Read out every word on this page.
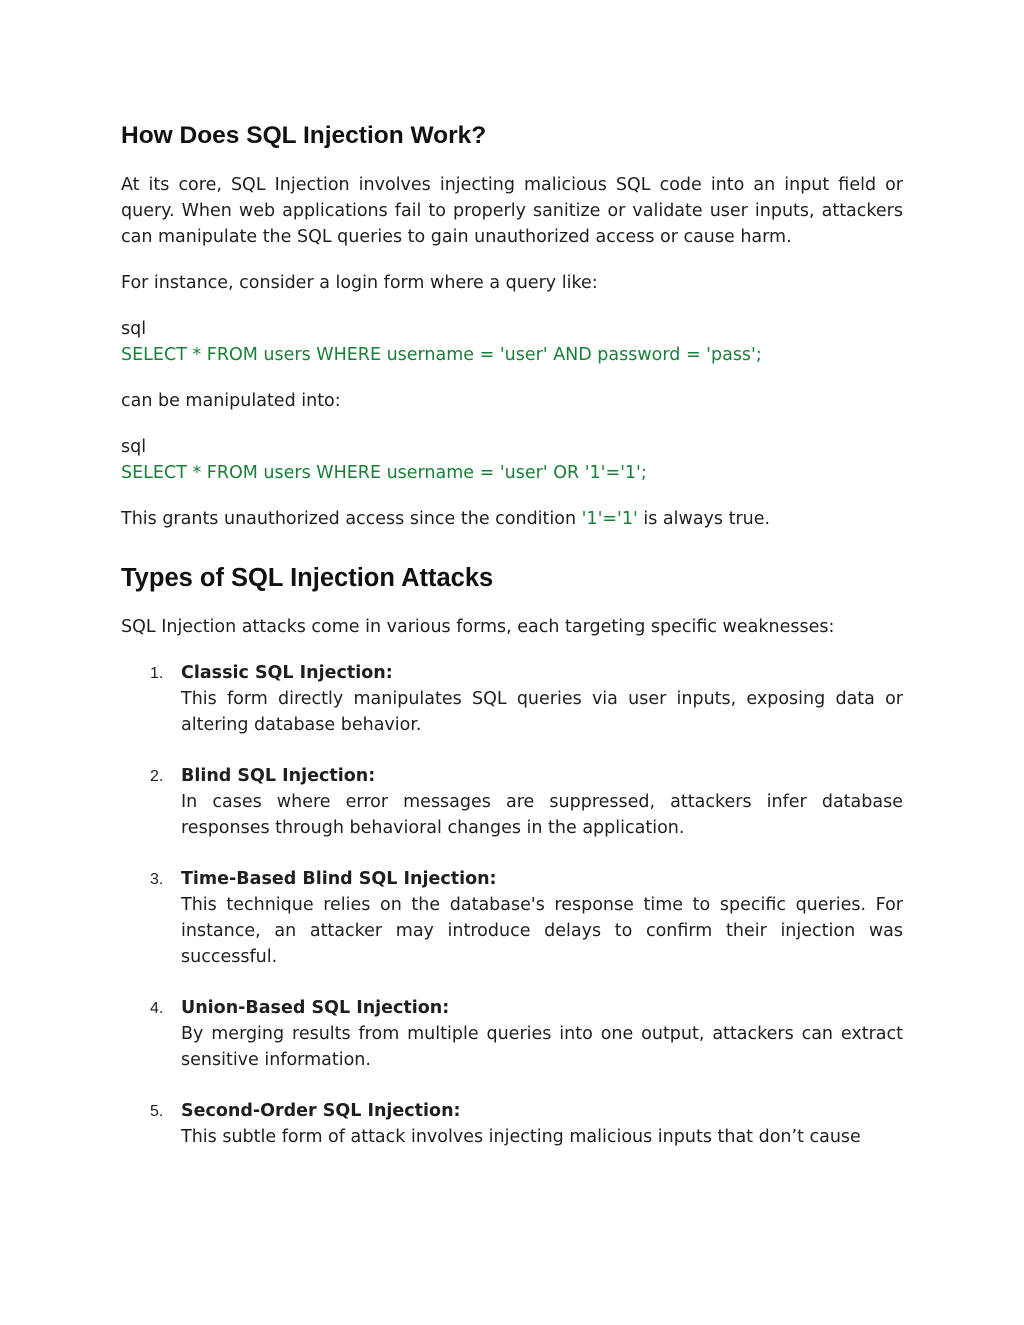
How Does SQL Injection Work?

At its core, SQL Injection involves injecting malicious SQL code into an input field or query. When web applications fail to properly sanitize or validate user inputs, attackers can manipulate the SQL queries to gain unauthorized access or cause harm.

For instance, consider a login form where a query like:

sql
SELECT * FROM users WHERE username = 'user' AND password = 'pass';

can be manipulated into:

sql
SELECT * FROM users WHERE username = 'user' OR '1'='1';

This grants unauthorized access since the condition '1'='1' is always true.

Types of SQL Injection Attacks

SQL Injection attacks come in various forms, each targeting specific weaknesses:

1. Classic SQL Injection:
This form directly manipulates SQL queries via user inputs, exposing data or altering database behavior.
2. Blind SQL Injection:
In cases where error messages are suppressed, attackers infer database responses through behavioral changes in the application.
3. Time-Based Blind SQL Injection:
This technique relies on the database's response time to specific queries. For instance, an attacker may introduce delays to confirm their injection was successful.
4. Union-Based SQL Injection:
By merging results from multiple queries into one output, attackers can extract sensitive information.
5. Second-Order SQL Injection:
This subtle form of attack involves injecting malicious inputs that don’t cause
